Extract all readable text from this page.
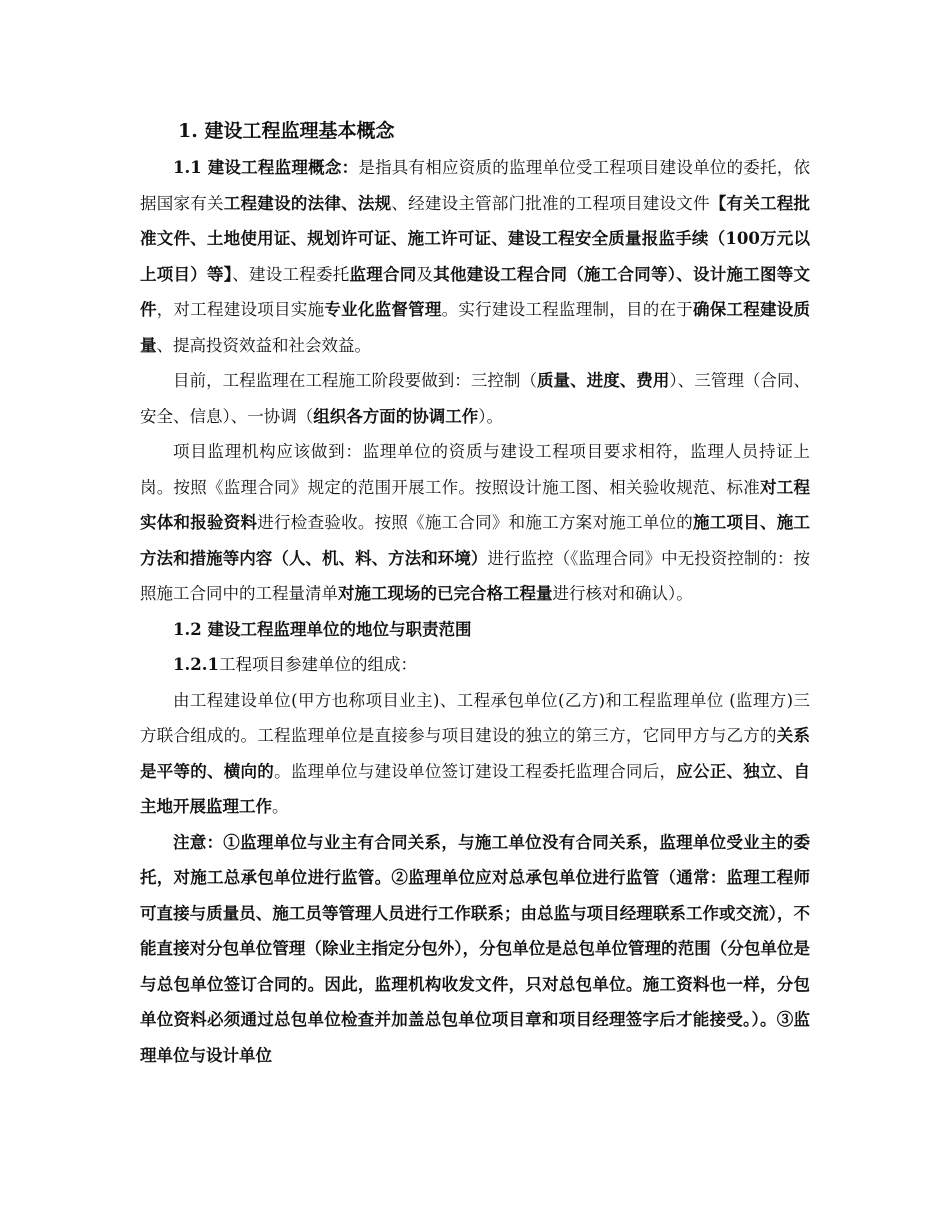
1. 建设工程监理基本概念

1.1 建设工程监理概念：是指具有相应资质的监理单位受工程项目建设单位的委托，依据国家有关工程建设的法律、法规、经建设主管部门批准的工程项目建设文件【有关工程批准文件、土地使用证、规划许可证、施工许可证、建设工程安全质量报监手续（100万元以上项目）等】、建设工程委托监理合同及其他建设工程合同（施工合同等）、设计施工图等文件，对工程建设项目实施专业化监督管理。实行建设工程监理制，目的在于确保工程建设质量、提高投资效益和社会效益。

目前，工程监理在工程施工阶段要做到：三控制（质量、进度、费用）、三管理（合同、安全、信息）、一协调（组织各方面的协调工作）。

项目监理机构应该做到：监理单位的资质与建设工程项目要求相符，监理人员持证上岗。按照《监理合同》规定的范围开展工作。按照设计施工图、相关验收规范、标准对工程实体和报验资料进行检查验收。按照《施工合同》和施工方案对施工单位的施工项目、施工方法和措施等内容（人、机、料、方法和环境）进行监控（《监理合同》中无投资控制的：按照施工合同中的工程量清单对施工现场的已完合格工程量进行核对和确认）。

1.2 建设工程监理单位的地位与职责范围

1.2.1工程项目参建单位的组成：

由工程建设单位(甲方也称项目业主)、工程承包单位(乙方)和工程监理单位 (监理方)三方联合组成的。工程监理单位是直接参与项目建设的独立的第三方，它同甲方与乙方的关系是平等的、横向的。监理单位与建设单位签订建设工程委托监理合同后，应公正、独立、自主地开展监理工作。

注意：①监理单位与业主有合同关系，与施工单位没有合同关系，监理单位受业主的委托，对施工总承包单位进行监管。②监理单位应对总承包单位进行监管（通常：监理工程师可直接与质量员、施工员等管理人员进行工作联系；由总监与项目经理联系工作或交流），不能直接对分包单位管理（除业主指定分包外），分包单位是总包单位管理的范围（分包单位是与总包单位签订合同的。因此，监理机构收发文件，只对总包单位。施工资料也一样，分包单位资料必须通过总包单位检查并加盖总包单位项目章和项目经理签字后才能接受。）。③监理单位与设计单位
